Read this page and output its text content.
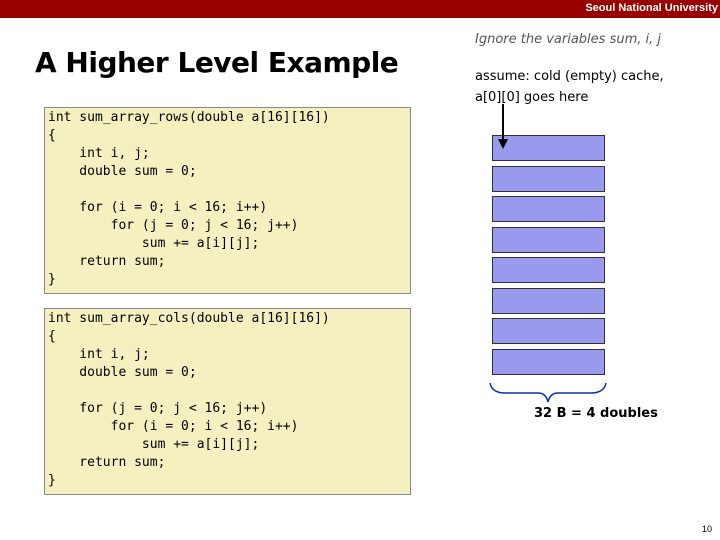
Seoul National University
A Higher Level Example
int sum_array_rows(double a[16][16])
{
int i, j;
double sum = 0;

for (i = 0; i < 16; i++)
for (j = 0; j < 16; j++)
sum += a[i][j];
return sum;
}
int sum_array_cols(double a[16][16])
{
int i, j;
double sum = 0;

for (j = 0; j < 16; j++)
for (i = 0; i < 16; i++)
sum += a[i][j];
return sum;
}
Ignore the variables sum, i, j
assume: cold (empty) cache,
a[0][0] goes here
32 B = 4 doubles
10
